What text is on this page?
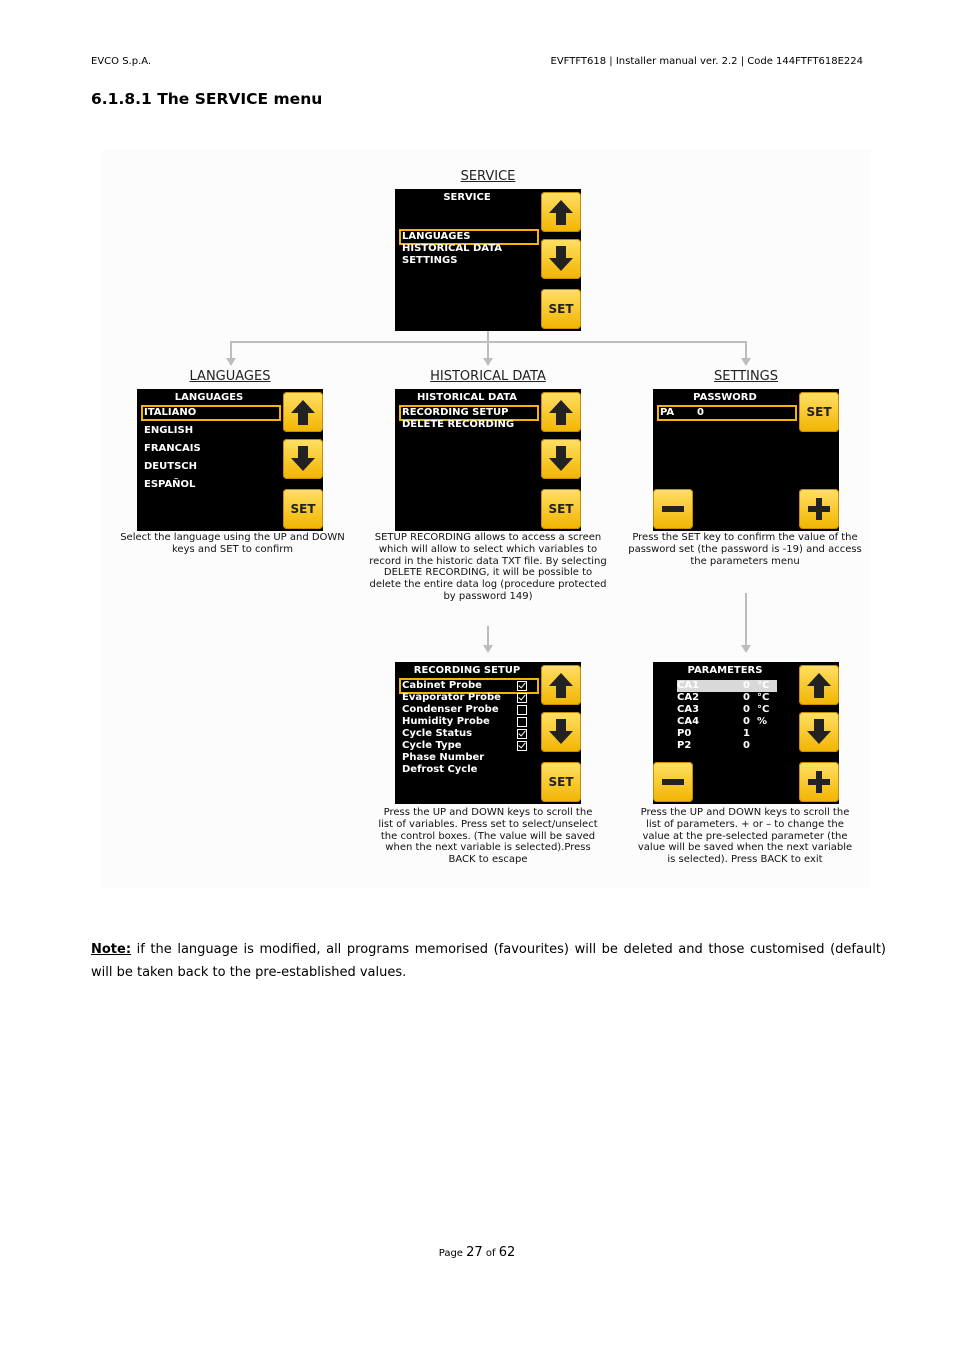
EVCO S.p.A.	EVFTFT618 | Installer manual ver. 2.2 | Code 144FTFT618E224
6.1.8.1 The SERVICE menu
SERVICE
SERVICE
LANGUAGES
HISTORICAL DATA
SETTINGS
SET
LANGUAGES
LANGUAGES
ITALIANO
ENGLISH
FRANCAIS
DEUTSCH
ESPAÑOL
SET
Select the language using the UP and DOWN keys and SET to confirm
HISTORICAL DATA
HISTORICAL DATA
RECORDING SETUP
DELETE RECORDING
SET
SETUP RECORDING allows to access a screen which will allow to select which variables to record in the historic data TXT file. By selecting DELETE RECORDING, it will be possible to delete the entire data log (procedure protected by password 149)
SETTINGS
PASSWORD
PA 0	SET
Press the SET key to confirm the value of the password set (the password is -19) and access the parameters menu
RECORDING SETUP
Cabinet Probe
Evaporator Probe
Condenser Probe
Humidity Probe
Cycle Status
Cycle Type
Phase Number
Defrost Cycle
SET
Press the UP and DOWN keys to scroll the list of variables. Press set to select/unselect the control boxes. (The value will be saved when the next variable is selected).Press BACK to escape
PARAMETERS
CA1	0 °C
CA2	0 °C
CA3	0 °C
CA4	0 %
P0	1
P2	0
Press the UP and DOWN keys to scroll the list of parameters. + or – to change the value at the pre-selected parameter (the value will be saved when the next variable is selected). Press BACK to exit
Note: if the language is modified, all programs memorised (favourites) will be deleted and those customised (default) will be taken back to the pre-established values.
Page 27 of 62
